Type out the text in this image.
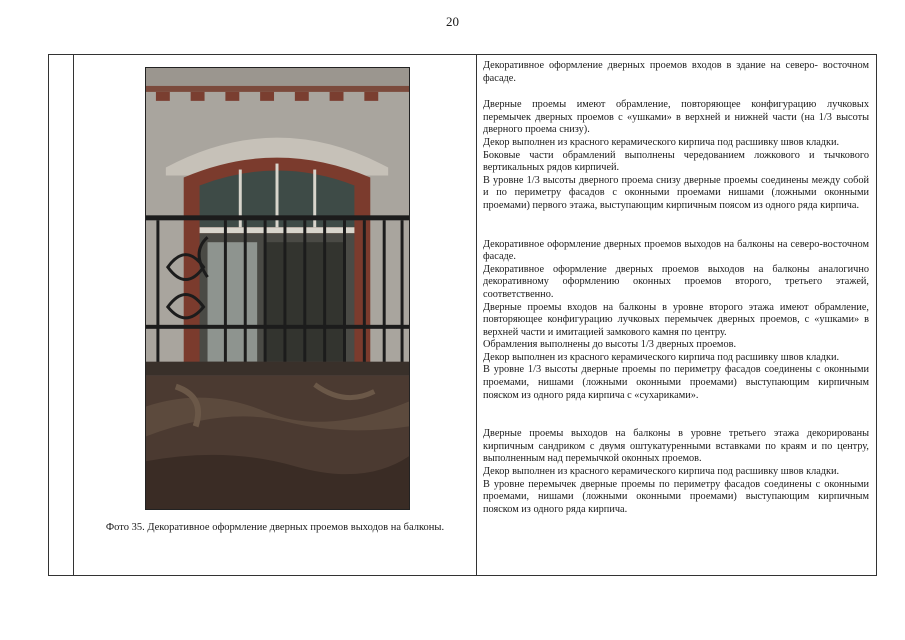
20
Фото 35. Декоративное оформление дверных проемов выходов на балконы.

Декоративное оформление дверных проемов входов в здание на северо- восточном фасаде.

Дверные проемы имеют обрамление, повторяющее конфигурацию лучковых перемычек дверных проемов с «ушками» в верхней и нижней части (на 1/3 высоты дверного проема снизу).

Декор выполнен из красного керамического кирпича под расшивку швов кладки.

Боковые части обрамлений выполнены чередованием ложкового и тычкового вертикальных рядов кирпичей.

В уровне 1/3 высоты дверного проема снизу дверные проемы соединены между собой и по периметру фасадов с оконными проемами нишами (ложными оконными проемами) первого этажа, выступающим кирпичным поясом из одного ряда кирпича.

Декоративное оформление дверных проемов выходов на балконы на северо-восточном фасаде.

Декоративное оформление дверных проемов выходов на балконы аналогично декоративному оформлению оконных проемов второго, третьего этажей, соответственно.

Дверные проемы входов на балконы в уровне второго этажа имеют обрамление, повторяющее конфигурацию лучковых перемычек дверных проемов, с «ушками» в верхней части и имитацией замкового камня по центру.

Обрамления выполнены до высоты 1/3 дверных проемов.

Декор выполнен из красного керамического кирпича под расшивку швов кладки.

В уровне 1/3 высоты дверные проемы по периметру фасадов соединены с оконными проемами, нишами (ложными оконными проемами) выступающим кирпичным пояском из одного ряда кирпича с «сухариками».

Дверные проемы выходов на балконы в уровне третьего этажа декорированы кирпичным сандриком с двумя оштукатуренными вставками по краям и по центру, выполненным над перемычкой оконных проемов.

Декор выполнен из красного керамического кирпича под расшивку швов кладки.

В уровне перемычек дверные проемы по периметру фасадов соединены с оконными проемами, нишами (ложными оконными проемами) выступающим кирпичным пояском из одного ряда кирпича.
